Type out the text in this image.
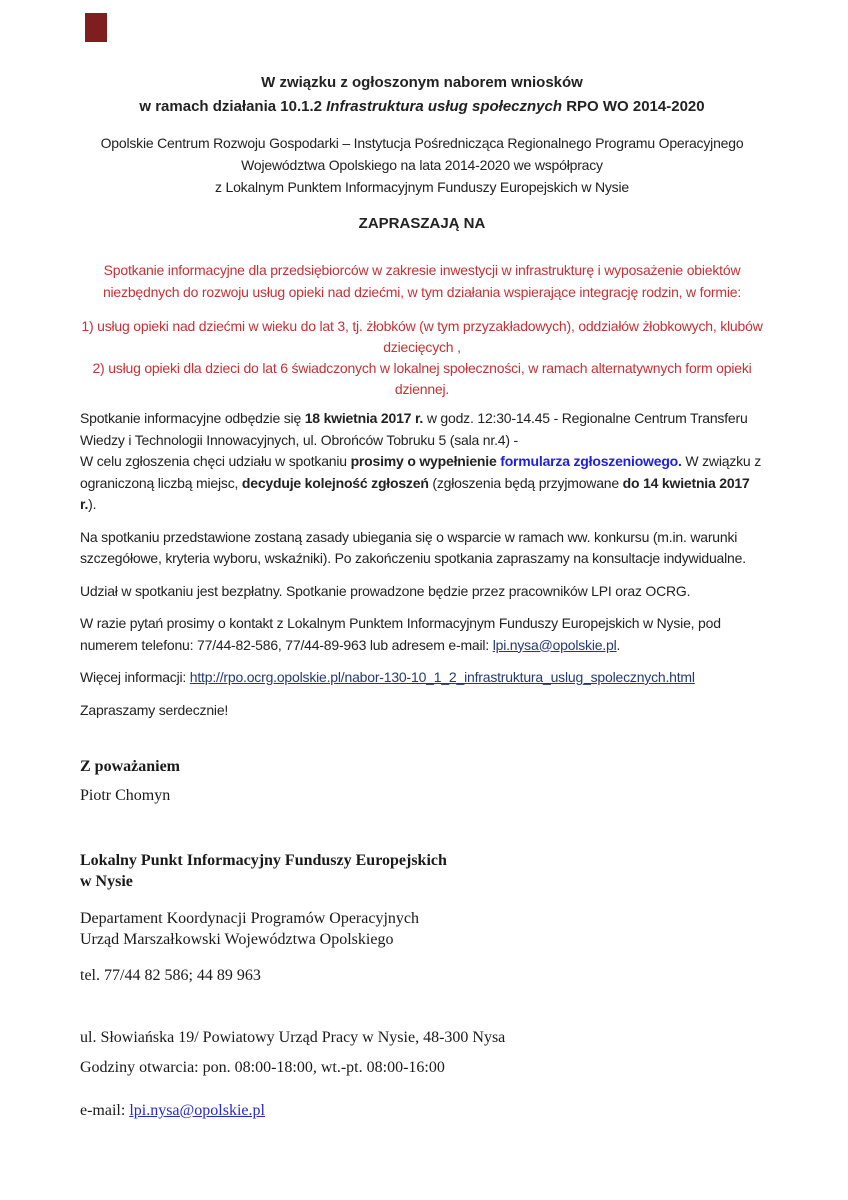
W związku z ogłoszonym naborem wniosków
w ramach działania 10.1.2 Infrastruktura usług społecznych RPO WO 2014-2020
Opolskie Centrum Rozwoju Gospodarki – Instytucja Pośrednicząca Regionalnego Programu Operacyjnego
Województwa Opolskiego na lata 2014-2020 we współpracy
z Lokalnym Punktem Informacyjnym Funduszy Europejskich w Nysie

ZAPRASZAJĄ NA

Spotkanie informacyjne dla przedsiębiorców w zakresie inwestycji w infrastrukturę i wyposażenie obiektów niezbędnych do rozwoju usług opieki nad dziećmi, w tym działania wspierające integrację rodzin, w formie:

1) usług opieki nad dziećmi w wieku do lat 3, tj. żłobków (w tym przyzakładowych), oddziałów żłobkowych, klubów dziecięcych ,
2) usług opieki dla dzieci do lat 6 świadczonych w lokalnej społeczności, w ramach alternatywnych form opieki dziennej.

Spotkanie informacyjne odbędzie się 18 kwietnia 2017 r. w godz. 12:30-14.45 - Regionalne Centrum Transferu Wiedzy i Technologii Innowacyjnych, ul. Obrońców Tobruku 5 (sala nr.4) -
W celu zgłoszenia chęci udziału w spotkaniu prosimy o wypełnienie formularza zgłoszeniowego. W związku z ograniczoną liczbą miejsc, decyduje kolejność zgłoszeń (zgłoszenia będą przyjmowane do 14 kwietnia 2017 r.).

Na spotkaniu przedstawione zostaną zasady ubiegania się o wsparcie w ramach ww. konkursu (m.in. warunki szczegółowe, kryteria wyboru, wskaźniki). Po zakończeniu spotkania zapraszamy na konsultacje indywidualne.

Udział w spotkaniu jest bezpłatny. Spotkanie prowadzone będzie przez pracowników LPI oraz OCRG.

W razie pytań prosimy o kontakt z Lokalnym Punktem Informacyjnym Funduszy Europejskich w Nysie, pod numerem telefonu: 77/44-82-586, 77/44-89-963 lub adresem e-mail: lpi.nysa@opolskie.pl.

Więcej informacji: http://rpo.ocrg.opolskie.pl/nabor-130-10_1_2_infrastruktura_uslug_spolecznych.html

Zapraszamy serdecznie!

Z poważaniem

Piotr Chomyn

Lokalny Punkt Informacyjny Funduszy Europejskich
w Nysie
Departament Koordynacji Programów Operacyjnych
Urząd Marszałkowski Województwa Opolskiego

tel. 77/44 82 586; 44 89 963

ul. Słowiańska 19/ Powiatowy Urząd Pracy w Nysie, 48-300 Nysa

Godziny otwarcia: pon. 08:00-18:00, wt.-pt. 08:00-16:00

e-mail: lpi.nysa@opolskie.pl
